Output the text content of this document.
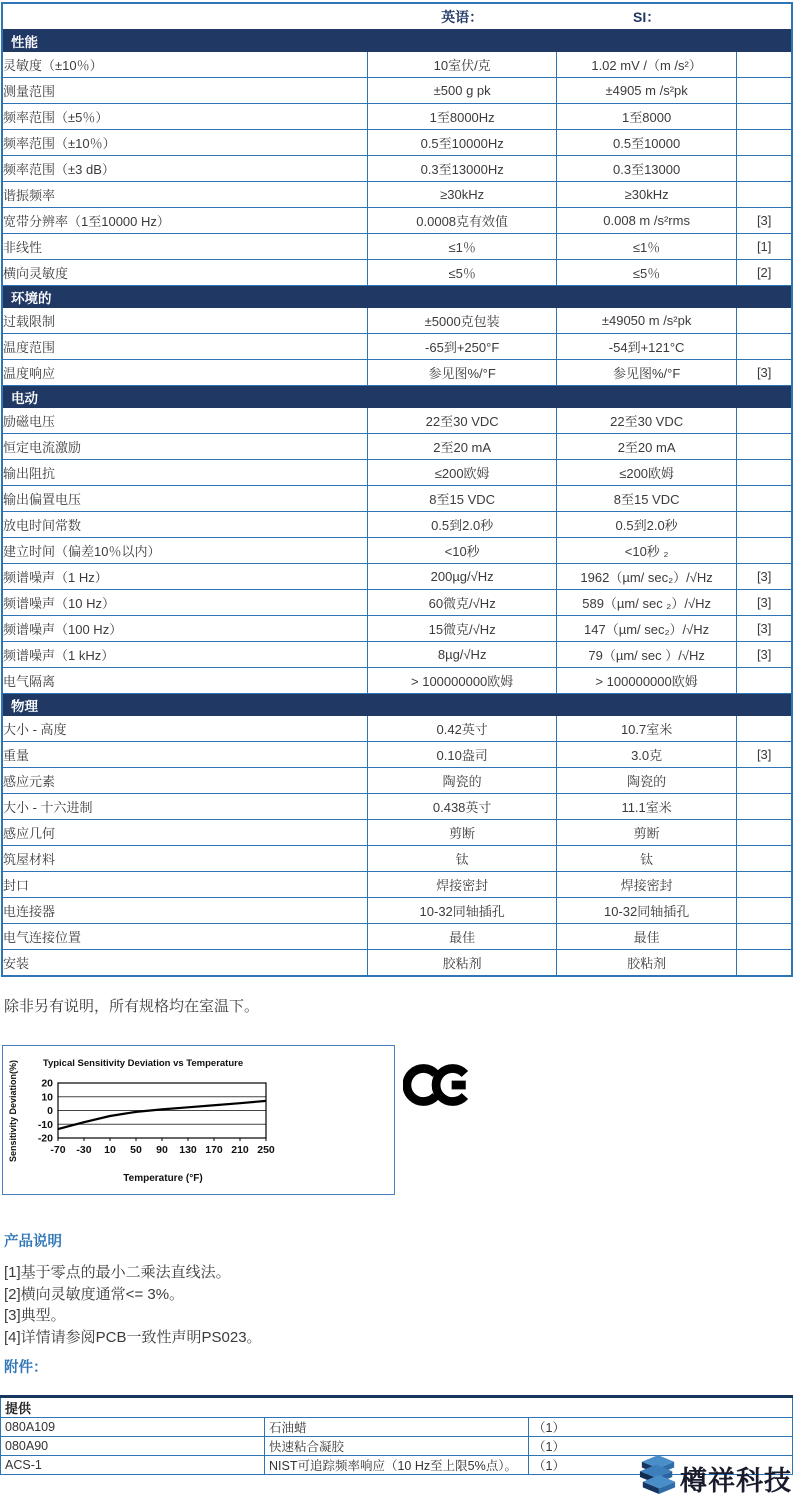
	英语：	SI：	
性能			
灵敏度（±10％）	10室伏/克	1.02 mV /（m /s²）	
测量范围	±500 g pk	±4905 m /s²pk	
频率范围（±5％）	1至8000Hz	1至8000	
频率范围（±10％）	0.5至10000Hz	0.5至10000	
频率范围（±3 dB）	0.3至13000Hz	0.3至13000	
谐振频率	≥30kHz	≥30kHz	
宽带分辨率（1至10000 Hz）	0.0008克有效值	0.008 m /s²rms	[3]
非线性	≤1％	≤1％	[1]
横向灵敏度	≤5％	≤5％	[2]
环境的			
过载限制	±5000克包装	±49050 m /s²pk	
温度范围	-65到+250°F	-54到+121°C	
温度响应	参见图%/°F	参见图%/°F	[3]
电动			
励磁电压	22至30 VDC	22至30 VDC	
恒定电流激励	2至20 mA	2至20 mA	
输出阻抗	≤200欧姆	≤200欧姆	
输出偏置电压	8至15 VDC	8至15 VDC	
放电时间常数	0.5到2.0秒	0.5到2.0秒	
建立时间（偏差10％以内）	<10秒	<10秒 ₂	
频谱噪声（1 Hz）	200µg/√Hz	1962（µm/ sec₂）/√Hz	[3]
频谱噪声（10 Hz）	60微克/√Hz	589（µm/ sec ₂）/√Hz	[3]
频谱噪声（100 Hz）	15微克/√Hz	147（µm/ sec₂）/√Hz	[3]
频谱噪声（1 kHz）	8µg/√Hz	79（µm/ sec ）/√Hz	[3]
电气隔离	> 100000000欧姆	> 100000000欧姆	
物理			
大小 - 高度	0.42英寸	10.7室米	
重量	0.10盎司	3.0克	[3]
感应元素	陶瓷的	陶瓷的	
大小 - 十六进制	0.438英寸	11.1室米	
感应几何	剪断	剪断	
筑屋材料	钛	钛	
封口	焊接密封	焊接密封	
电连接器	10-32同轴插孔	10-32同轴插孔	
电气连接位置	最佳	最佳	
安装	胶粘剂	胶粘剂	
除非另有说明，所有规格均在室温下。
Typical Sensitivity Deviation vs Temperature
Sensitivity Deviation(%)
Temperature (°F)
20
10
0
-10
-20
-70 -30 10 50 90 130 170 210 250
产品说明
[1]基于零点的最小二乘法直线法。
[2]横向灵敏度通常<= 3%。
[3]典型。
[4]详情请参阅PCB一致性声明PS023。
附件：
提供		
080A109	石油蜡	（1）
080A90	快速粘合凝胶	（1）
ACS-1	NIST可追踪频率响应（10 Hz至上限5%点）。	（1）	樽祥科技
